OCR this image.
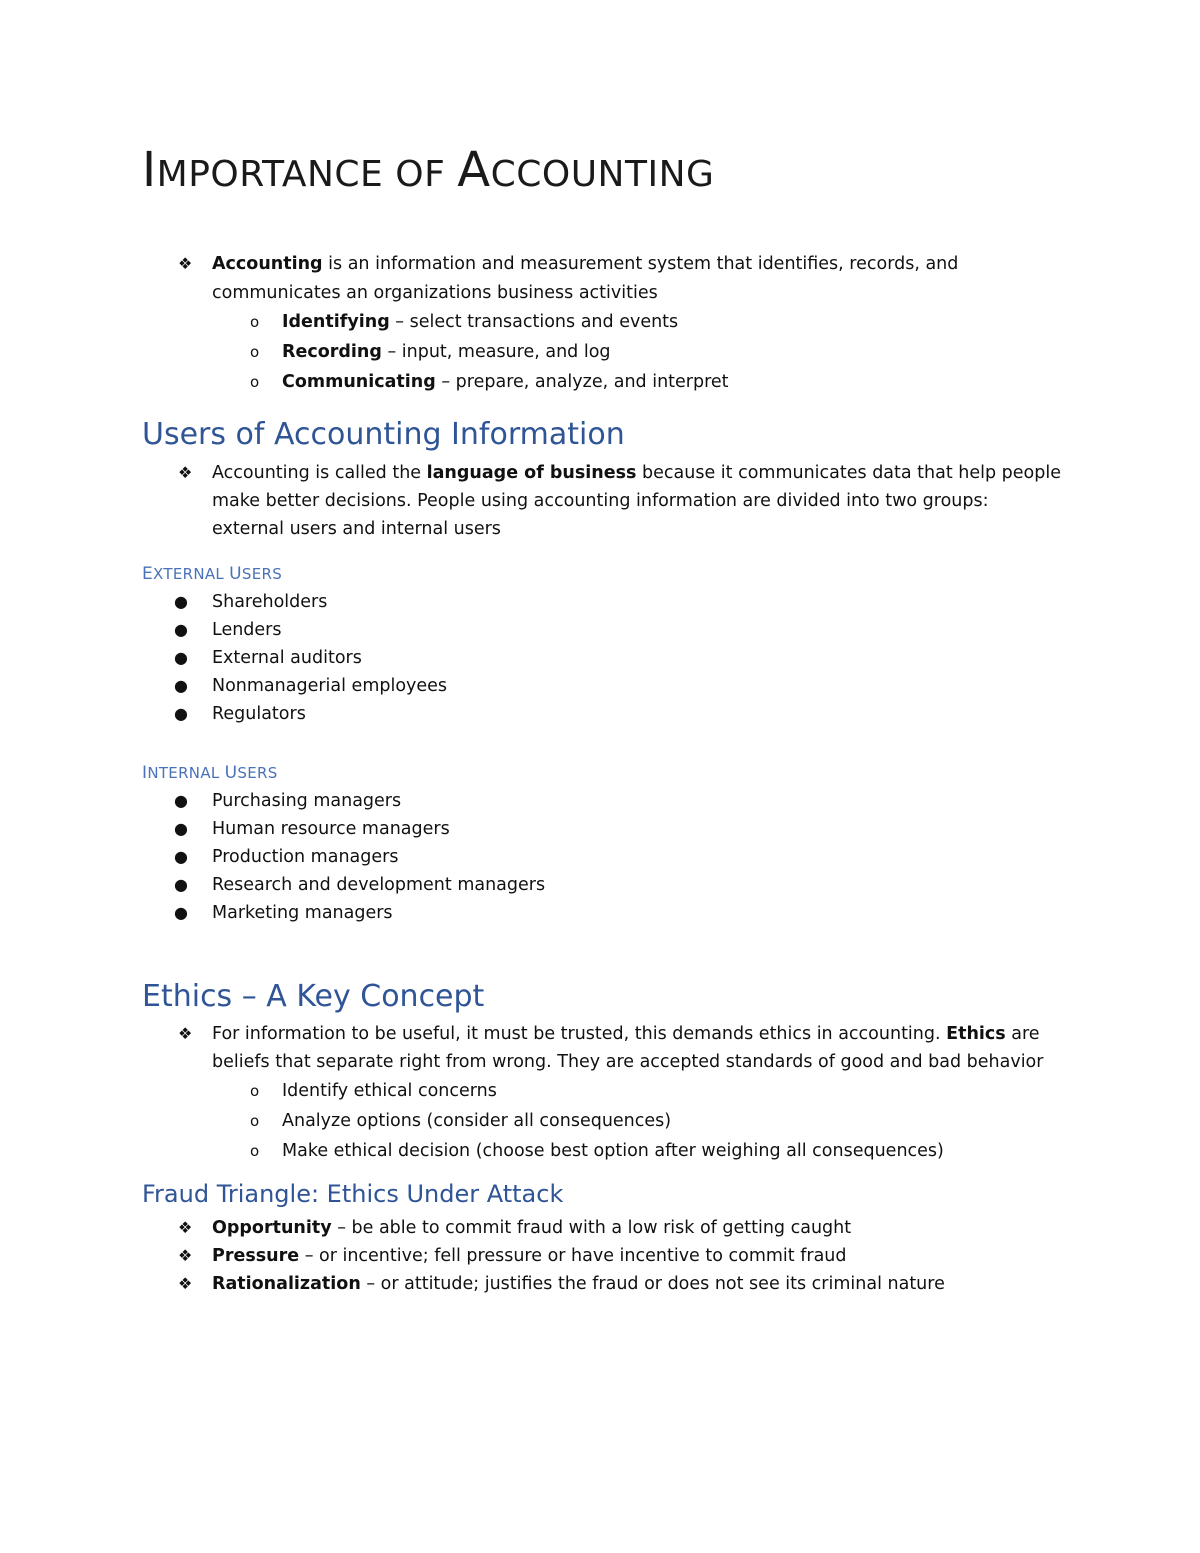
IMPORTANCE OF ACCOUNTING
❖ Accounting is an information and measurement system that identifies, records, and
communicates an organizations business activities
o Identifying – select transactions and events
o Recording – input, measure, and log
o Communicating – prepare, analyze, and interpret
Users of Accounting Information
❖ Accounting is called the language of business because it communicates data that help people
make better decisions. People using accounting information are divided into two groups:
external users and internal users
EXTERNAL USERS
● Shareholders
● Lenders
● External auditors
● Nonmanagerial employees
● Regulators
INTERNAL USERS
● Purchasing managers
● Human resource managers
● Production managers
● Research and development managers
● Marketing managers
Ethics – A Key Concept
❖ For information to be useful, it must be trusted, this demands ethics in accounting. Ethics are
beliefs that separate right from wrong. They are accepted standards of good and bad behavior
o Identify ethical concerns
o Analyze options (consider all consequences)
o Make ethical decision (choose best option after weighing all consequences)
Fraud Triangle: Ethics Under Attack
❖ Opportunity – be able to commit fraud with a low risk of getting caught
❖ Pressure – or incentive; fell pressure or have incentive to commit fraud
❖ Rationalization – or attitude; justifies the fraud or does not see its criminal nature
